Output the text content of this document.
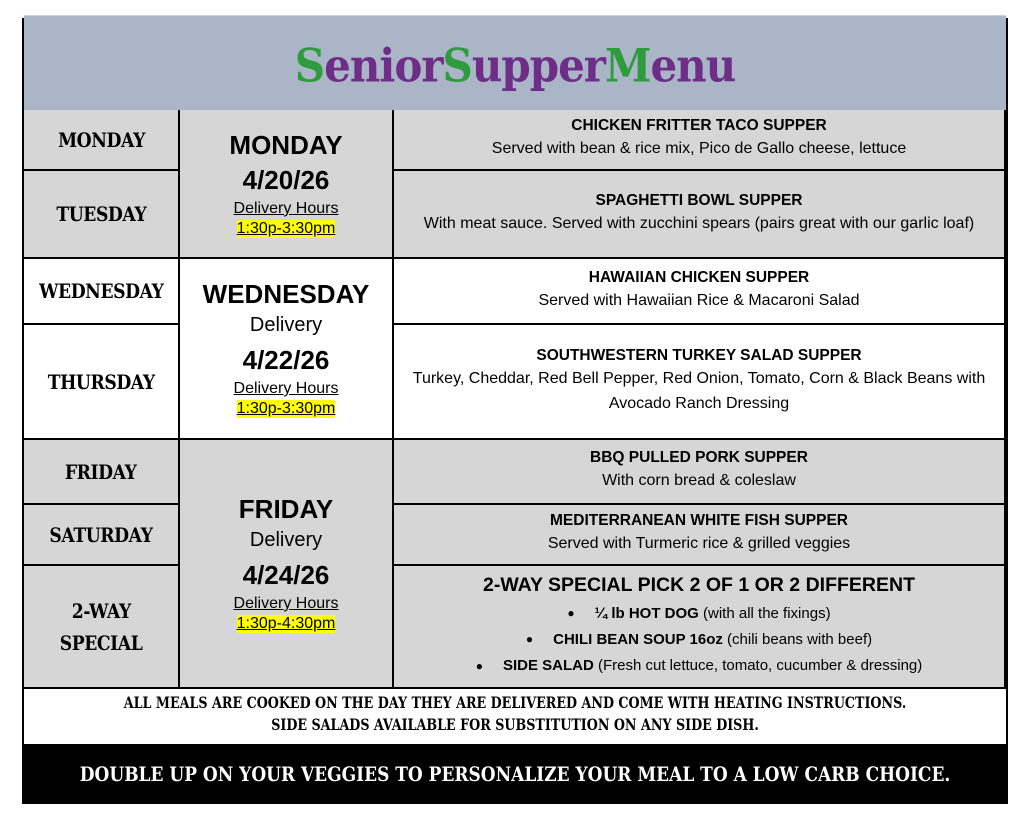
S enior S upper M enu
MONDAY
TUESDAY
WEDNESDAY
THURSDAY
FRIDAY
SATURDAY
2-WAY
SPECIAL
MONDAY
4/20/26
Delivery Hours
1:30p-3:30pm
WEDNESDAY
Delivery
4/22/26
Delivery Hours
1:30p-3:30pm
FRIDAY
Delivery
4/24/26
Delivery Hours
1:30p-4:30pm
CHICKEN FRITTER TACO SUPPER
Served with bean & rice mix, Pico de Gallo cheese, lettuce
SPAGHETTI BOWL SUPPER
With meat sauce. Served with zucchini spears (pairs great with our garlic loaf)
HAWAIIAN CHICKEN SUPPER
Served with Hawaiian Rice & Macaroni Salad
SOUTHWESTERN TURKEY SALAD SUPPER
Turkey, Cheddar, Red Bell Pepper, Red Onion, Tomato, Corn & Black Beans with Avocado Ranch Dressing
BBQ PULLED PORK SUPPER
With corn bread & coleslaw
MEDITERRANEAN WHITE FISH SUPPER
Served with Turmeric rice & grilled veggies
2-WAY SPECIAL PICK 2 OF 1 OR 2 DIFFERENT
● ¼ lb HOT DOG (with all the fixings)
● CHILI BEAN SOUP 16oz (chili beans with beef)
● SIDE SALAD (Fresh cut lettuce, tomato, cucumber & dressing)
ALL MEALS ARE COOKED ON THE DAY THEY ARE DELIVERED AND COME WITH HEATING INSTRUCTIONS.
SIDE SALADS AVAILABLE FOR SUBSTITUTION ON ANY SIDE DISH.
DOUBLE UP ON YOUR VEGGIES TO PERSONALIZE YOUR MEAL TO A LOW CARB CHOICE.
